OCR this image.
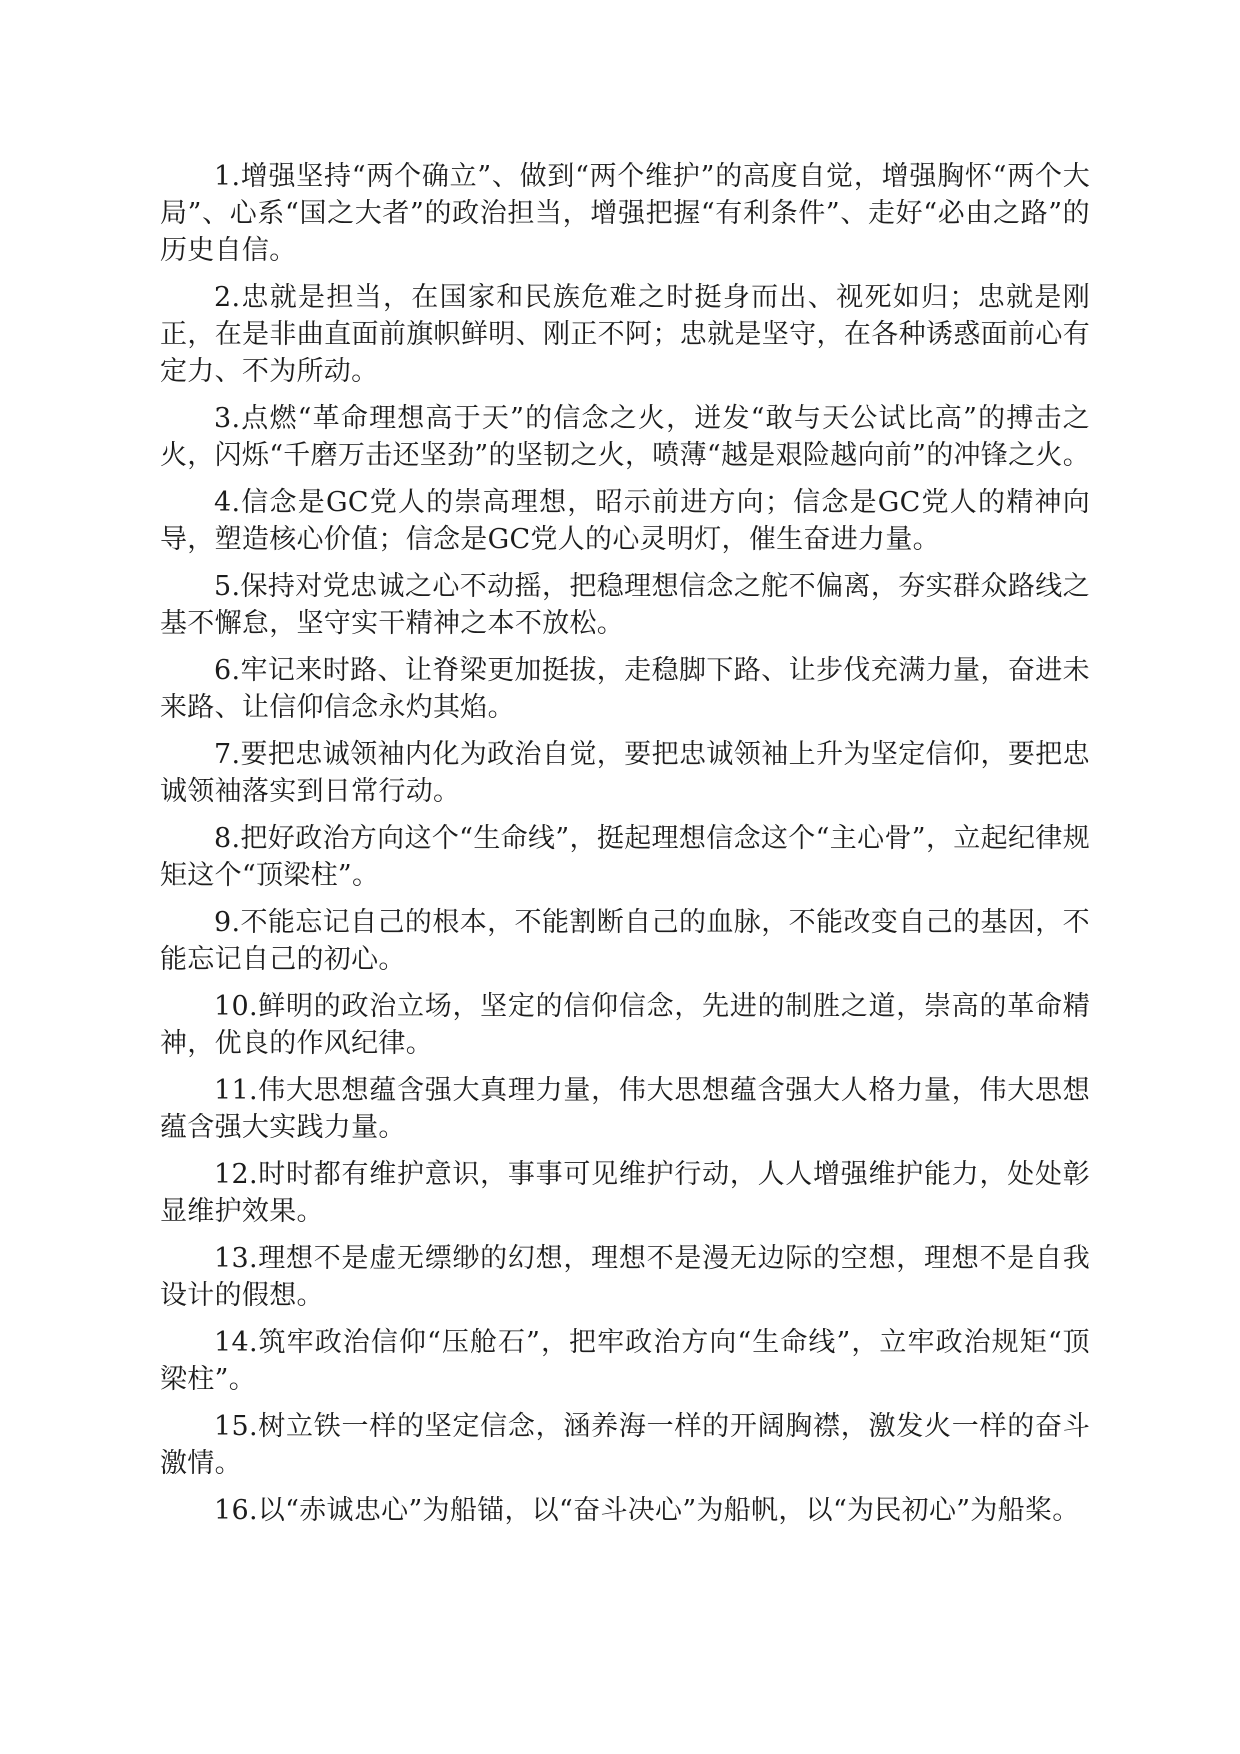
1.增强坚持“两个确立”、做到“两个维护”的高度自觉，增强胸怀“两个大局”、心系“国之大者”的政治担当，增强把握“有利条件”、走好“必由之路”的历史自信。

2.忠就是担当，在国家和民族危难之时挺身而出、视死如归；忠就是刚正，在是非曲直面前旗帜鲜明、刚正不阿；忠就是坚守，在各种诱惑面前心有定力、不为所动。

3.点燃“革命理想高于天”的信念之火，迸发“敢与天公试比高”的搏击之火，闪烁“千磨万击还坚劲”的坚韧之火，喷薄“越是艰险越向前”的冲锋之火。

4.信念是GC党人的崇高理想，昭示前进方向；信念是GC党人的精神向导，塑造核心价值；信念是GC党人的心灵明灯，催生奋进力量。

5.保持对党忠诚之心不动摇，把稳理想信念之舵不偏离，夯实群众路线之基不懈怠，坚守实干精神之本不放松。

6.牢记来时路、让脊梁更加挺拔，走稳脚下路、让步伐充满力量，奋进未来路、让信仰信念永灼其焰。

7.要把忠诚领袖内化为政治自觉，要把忠诚领袖上升为坚定信仰，要把忠诚领袖落实到日常行动。

8.把好政治方向这个“生命线”，挺起理想信念这个“主心骨”，立起纪律规矩这个“顶梁柱”。

9.不能忘记自己的根本，不能割断自己的血脉，不能改变自己的基因，不能忘记自己的初心。

10.鲜明的政治立场，坚定的信仰信念，先进的制胜之道，崇高的革命精神，优良的作风纪律。

11.伟大思想蕴含强大真理力量，伟大思想蕴含强大人格力量，伟大思想蕴含强大实践力量。

12.时时都有维护意识，事事可见维护行动，人人增强维护能力，处处彰显维护效果。

13.理想不是虚无缥缈的幻想，理想不是漫无边际的空想，理想不是自我设计的假想。

14.筑牢政治信仰“压舱石”，把牢政治方向“生命线”，立牢政治规矩“顶梁柱”。

15.树立铁一样的坚定信念，涵养海一样的开阔胸襟，激发火一样的奋斗激情。

16.以“赤诚忠心”为船锚，以“奋斗决心”为船帆，以“为民初心”为船桨。
